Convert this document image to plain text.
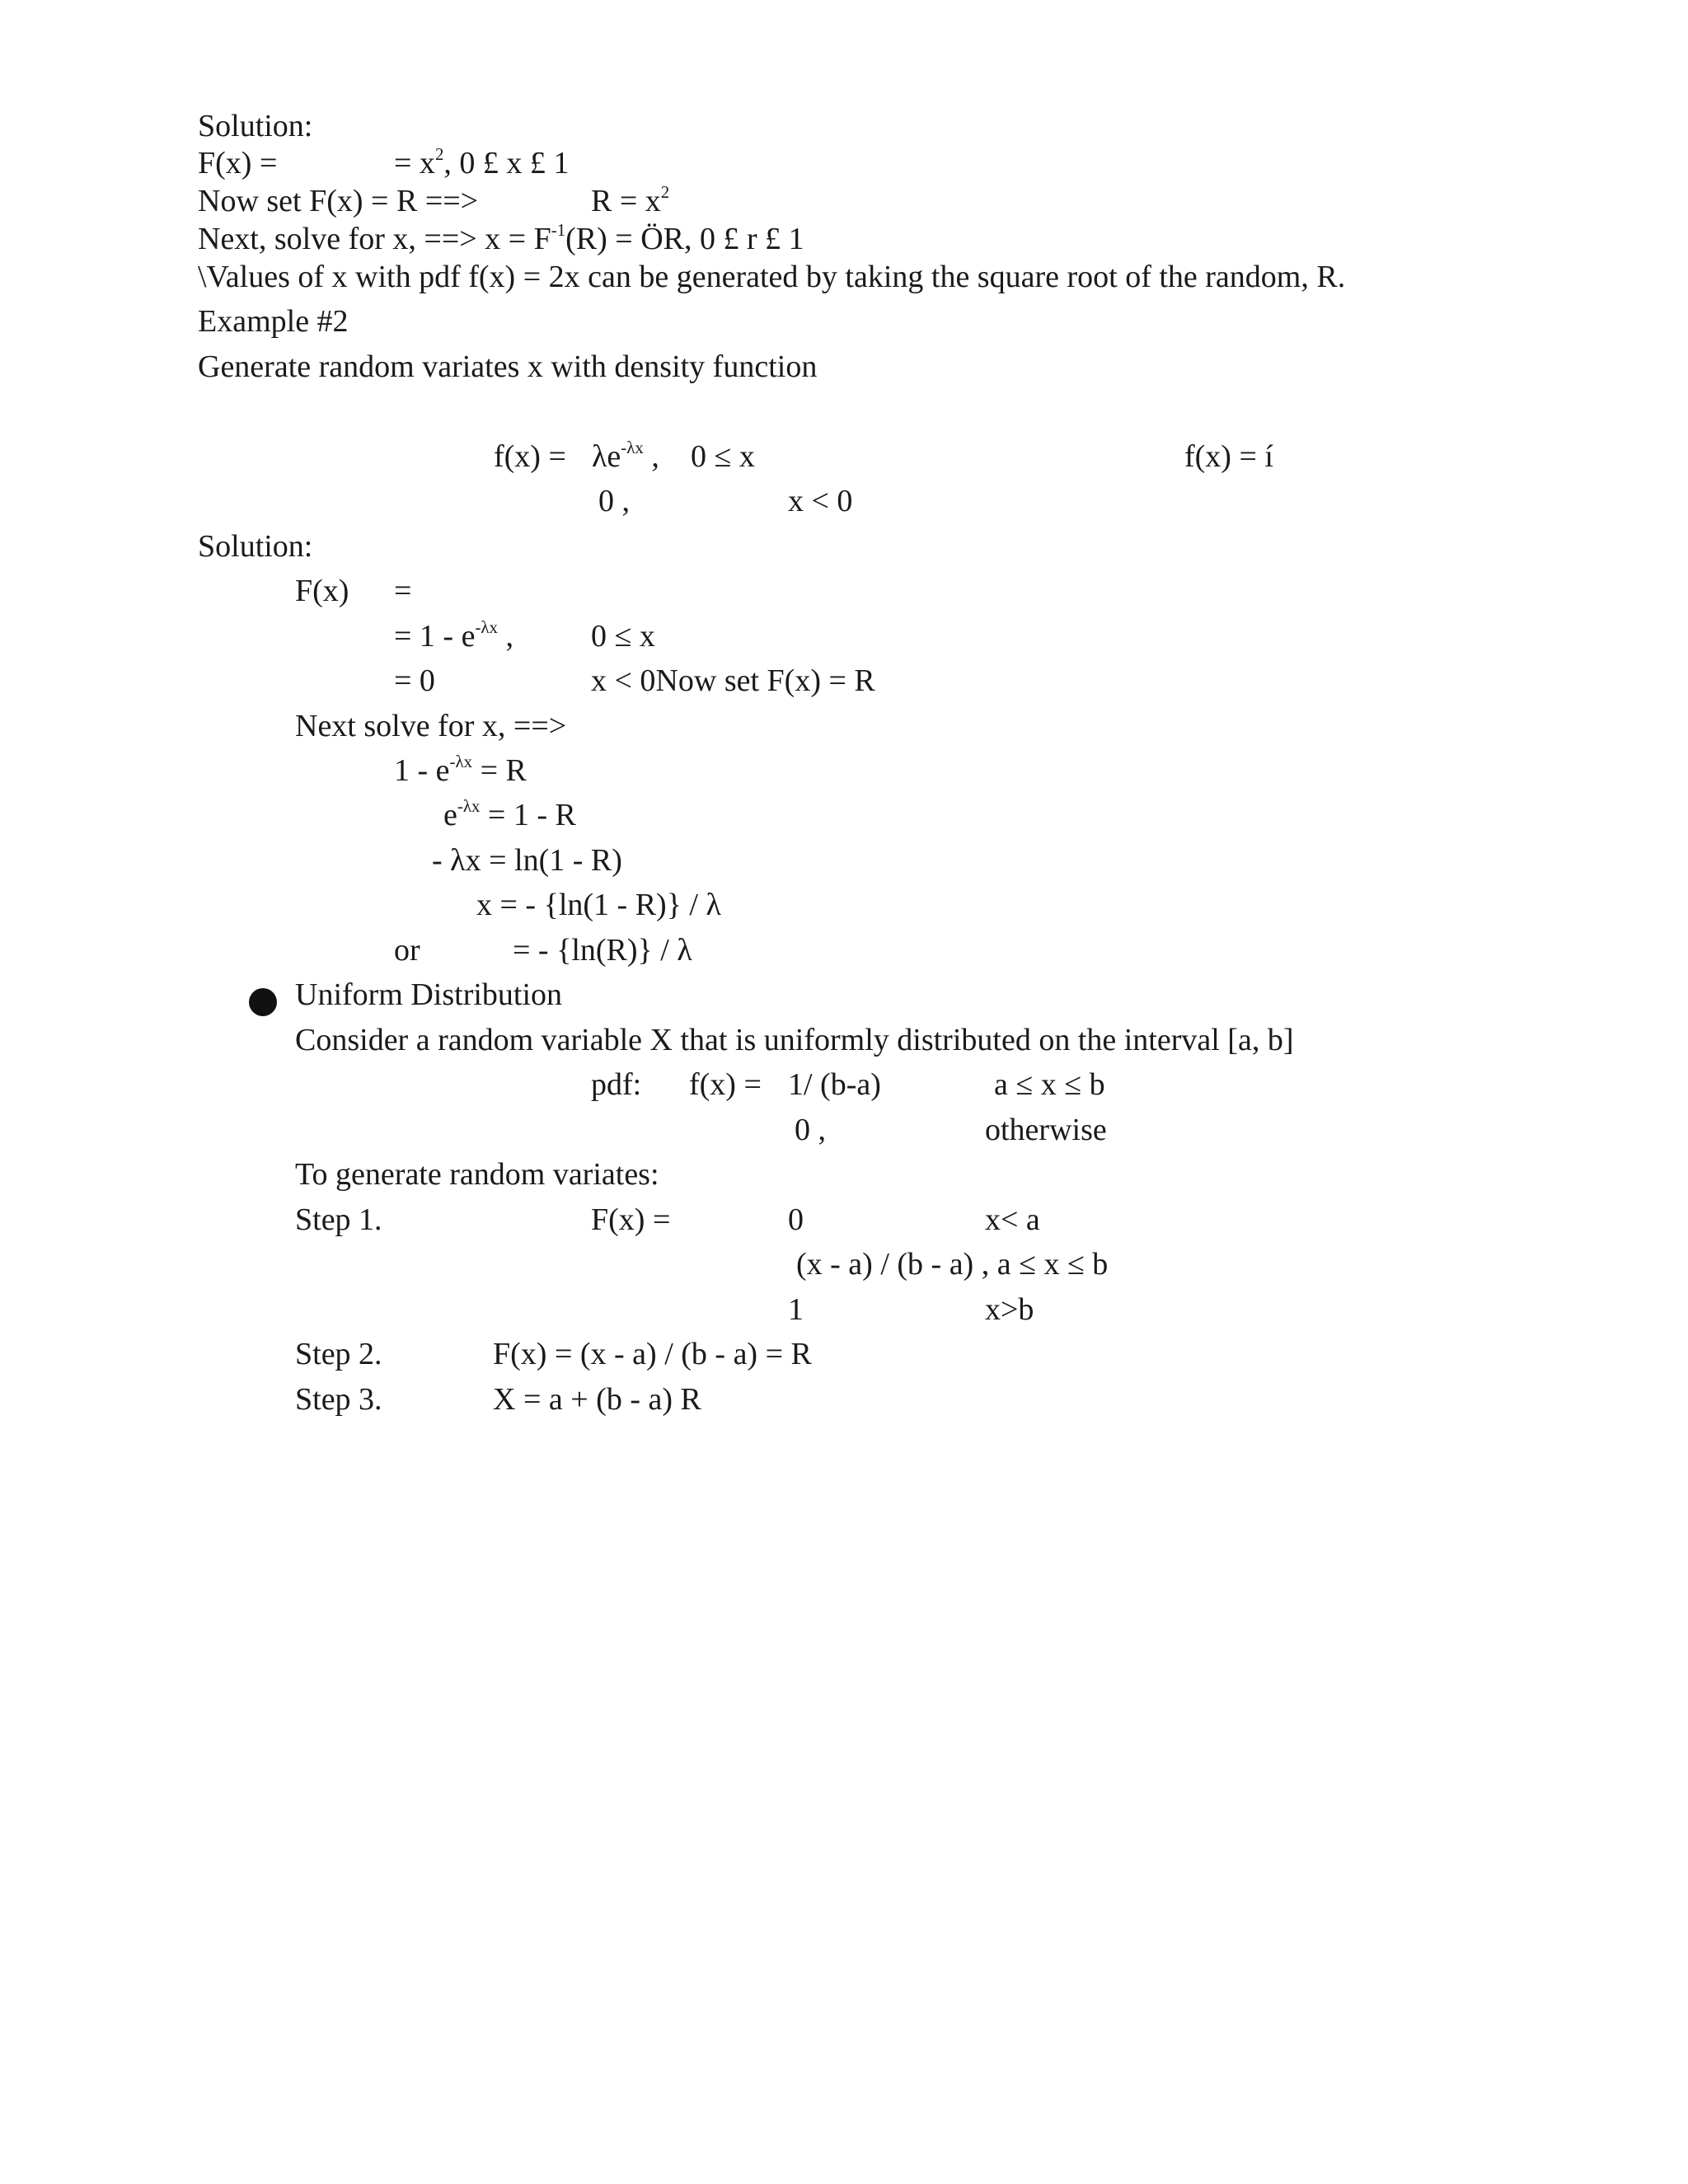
Solution:
F(x) =	= $x^2$, 0 £ x £ 1
Now set F(x) = R ==>	$R = x^2$
Next, solve for x, ==> $x = F^{-1}(R)$ = ÖR, 0 £ r £ 1
\Values of x with pdf f(x) = 2x can be generated by taking the square root of the random, R.
Example #2
Generate random variates x with density function
$f(x) = \lambda e^{-\lambda x}$ , 0 ≤ x	f(x) = í
0 ,	x < 0
Solution:
F(x) =
= $1 - e^{-\lambda x}$ , 0 ≤ x
= 0	x < 0Now set F(x) = R
Next solve for x, ==>
$1 - e^{-\lambda x} = R$
$e^{-\lambda x} = 1 - R$
- λx = ln(1 - R)
x = - {ln(1 - R)} / λ
or	= - {ln(R)} / λ
Uniform Distribution
Consider a random variable X that is uniformly distributed on the interval [a, b]
pdf: f(x) = 1/ (b-a)	a ≤ x ≤ b
0 ,	otherwise
To generate random variates:
Step 1.	F(x) =	0	x< a
(x - a) / (b - a) , a ≤ x ≤ b
1	x>b
Step 2.	F(x) = (x - a) / (b - a) = R
Step 3.	X = a + (b - a) R
